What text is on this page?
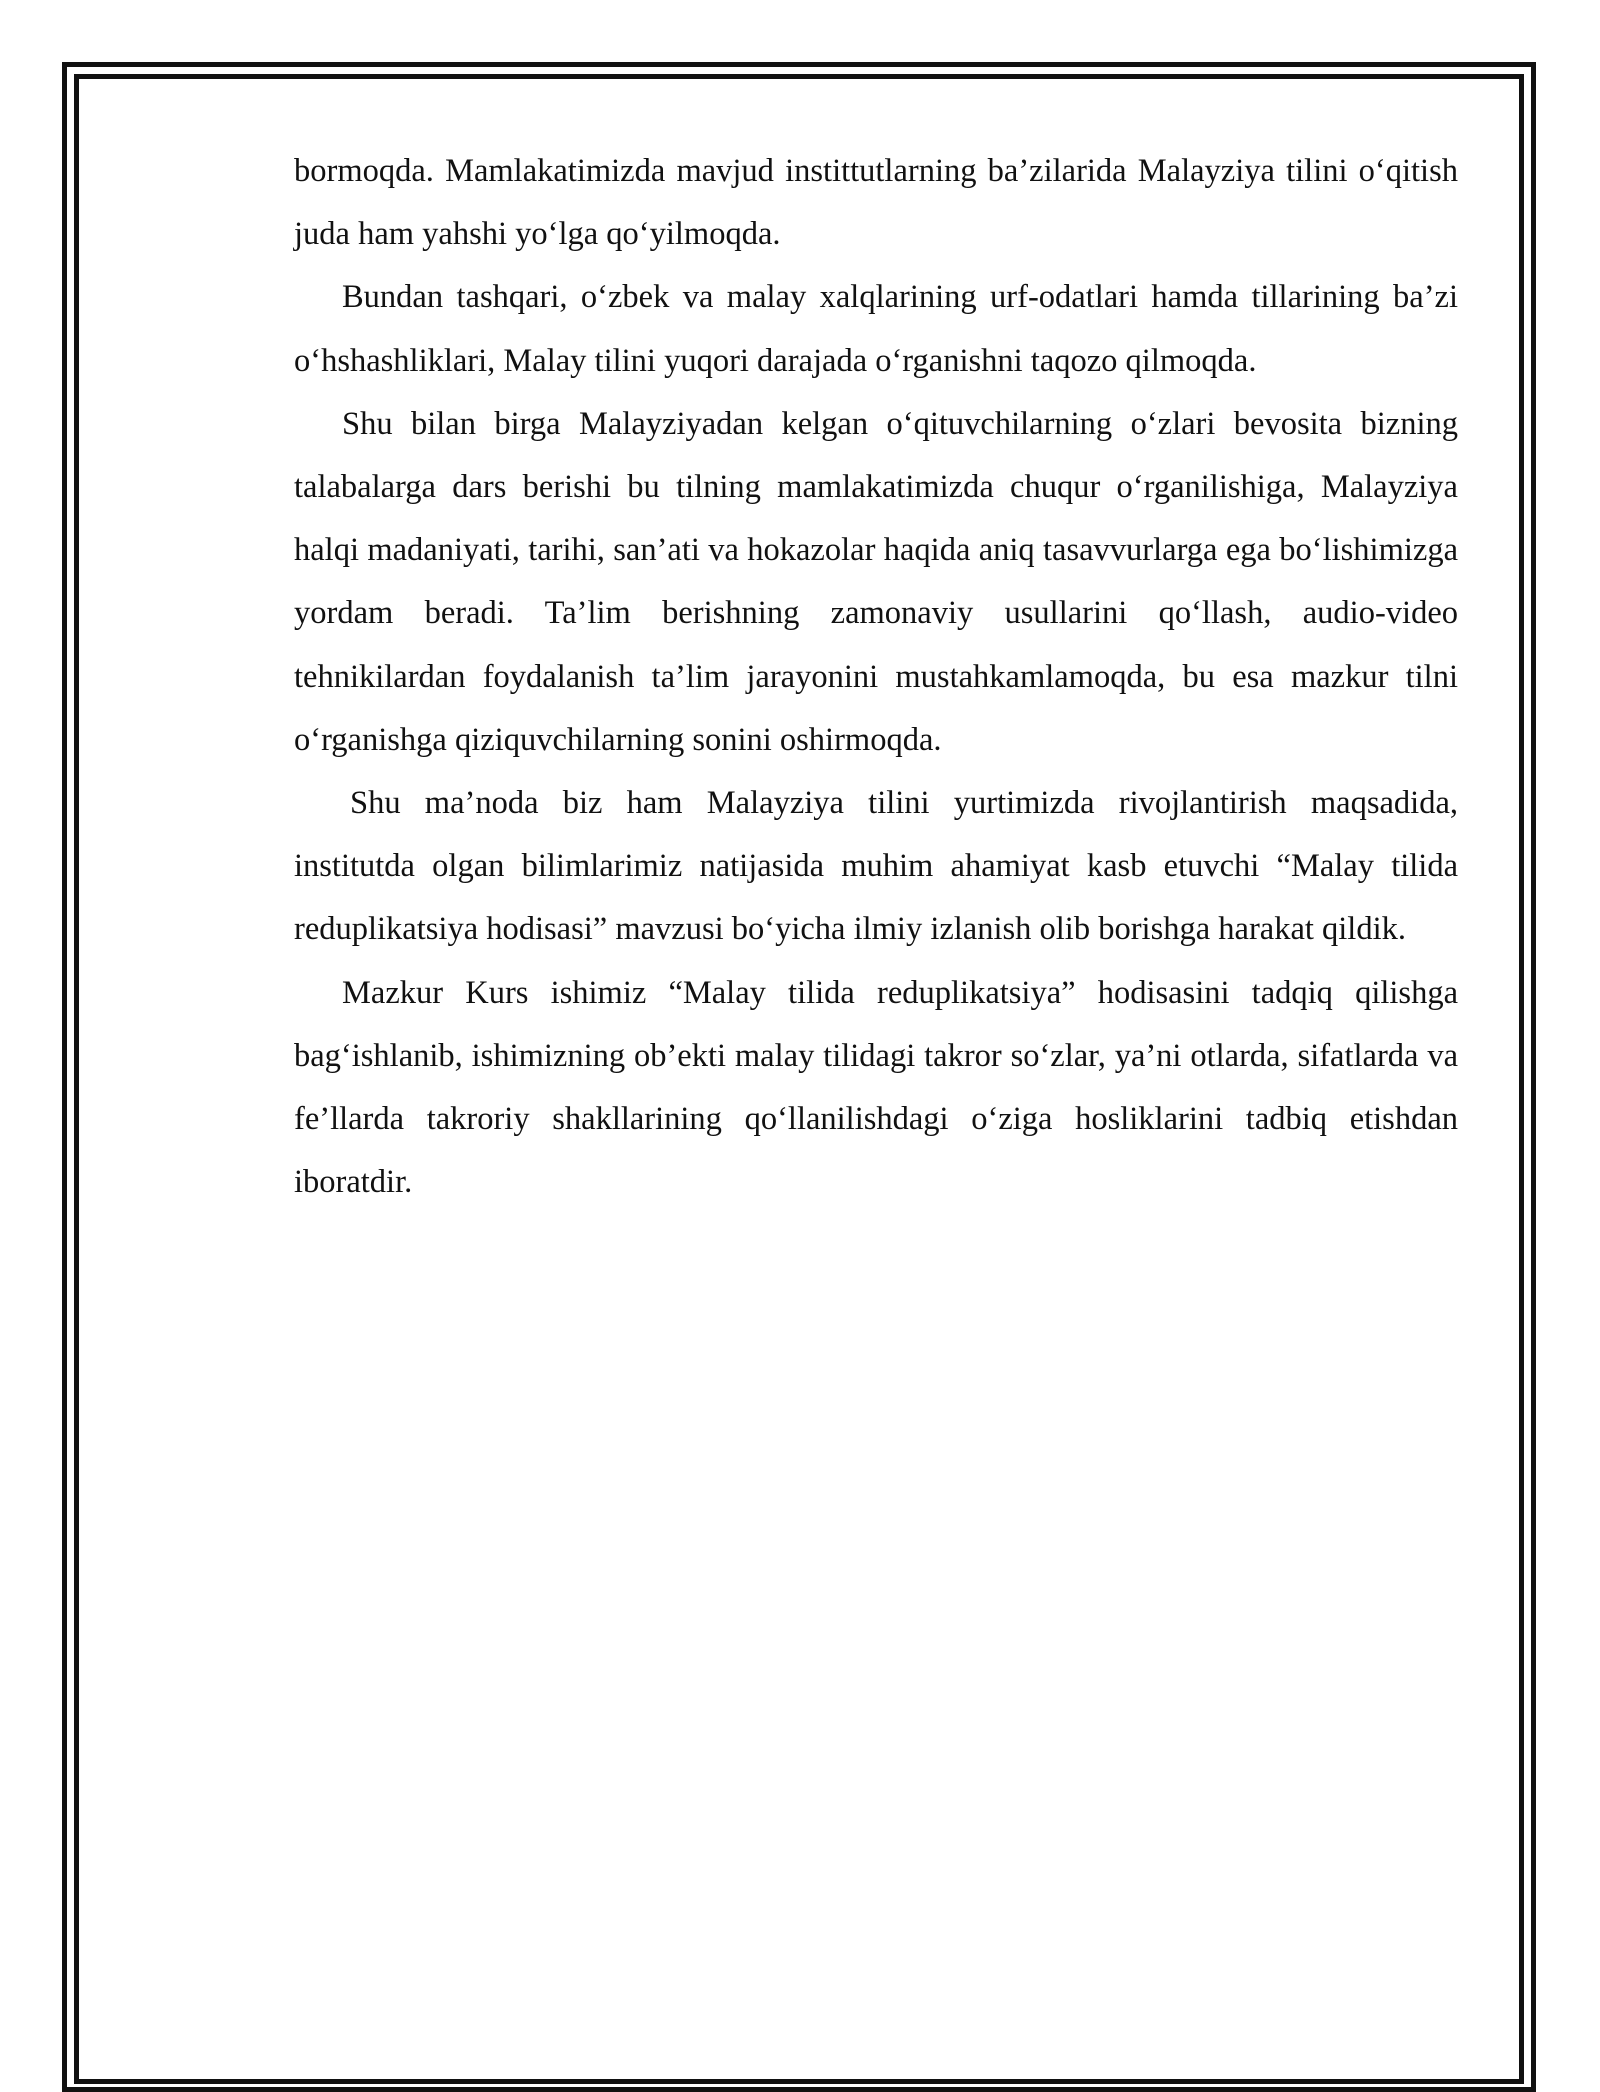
bormoqda. Mamlakatimizda mavjud instittutlarning ba’zilarida Malayziya tilini o‘qitish juda ham yahshi yo‘lga qo‘yilmoqda.

Bundan tashqari, o‘zbek va malay xalqlarining urf-odatlari hamda tillarining ba’zi o‘hshashliklari, Malay tilini yuqori darajada o‘rganishni taqozo qilmoqda.

Shu bilan birga Malayziyadan kelgan o‘qituvchilarning o‘zlari bevosita bizning talabalarga dars berishi bu tilning mamlakatimizda chuqur o‘rganilishiga, Malayziya halqi madaniyati, tarihi, san’ati va hokazolar haqida aniq tasavvurlarga ega bo‘lishimizga yordam beradi. Ta’lim berishning zamonaviy usullarini qo‘llash, audio-video tehnikilardan foydalanish ta’lim jarayonini mustahkamlamoqda, bu esa mazkur tilni o‘rganishga qiziquvchilarning sonini oshirmoqda.

Shu ma’noda biz ham Malayziya tilini yurtimizda rivojlantirish maqsadida, institutda olgan bilimlarimiz natijasida muhim ahamiyat kasb etuvchi “Malay tilida reduplikatsiya hodisasi” mavzusi bo‘yicha ilmiy izlanish olib borishga harakat qildik.

Mazkur Kurs ishimiz “Malay tilida reduplikatsiya” hodisasini tadqiq qilishga bag‘ishlanib, ishimizning ob’ekti malay tilidagi takror so‘zlar, ya’ni otlarda, sifatlarda va fe’llarda takroriy shakllarining qo‘llanilishdagi o‘ziga hosliklarini tadbiq etishdan iboratdir.
